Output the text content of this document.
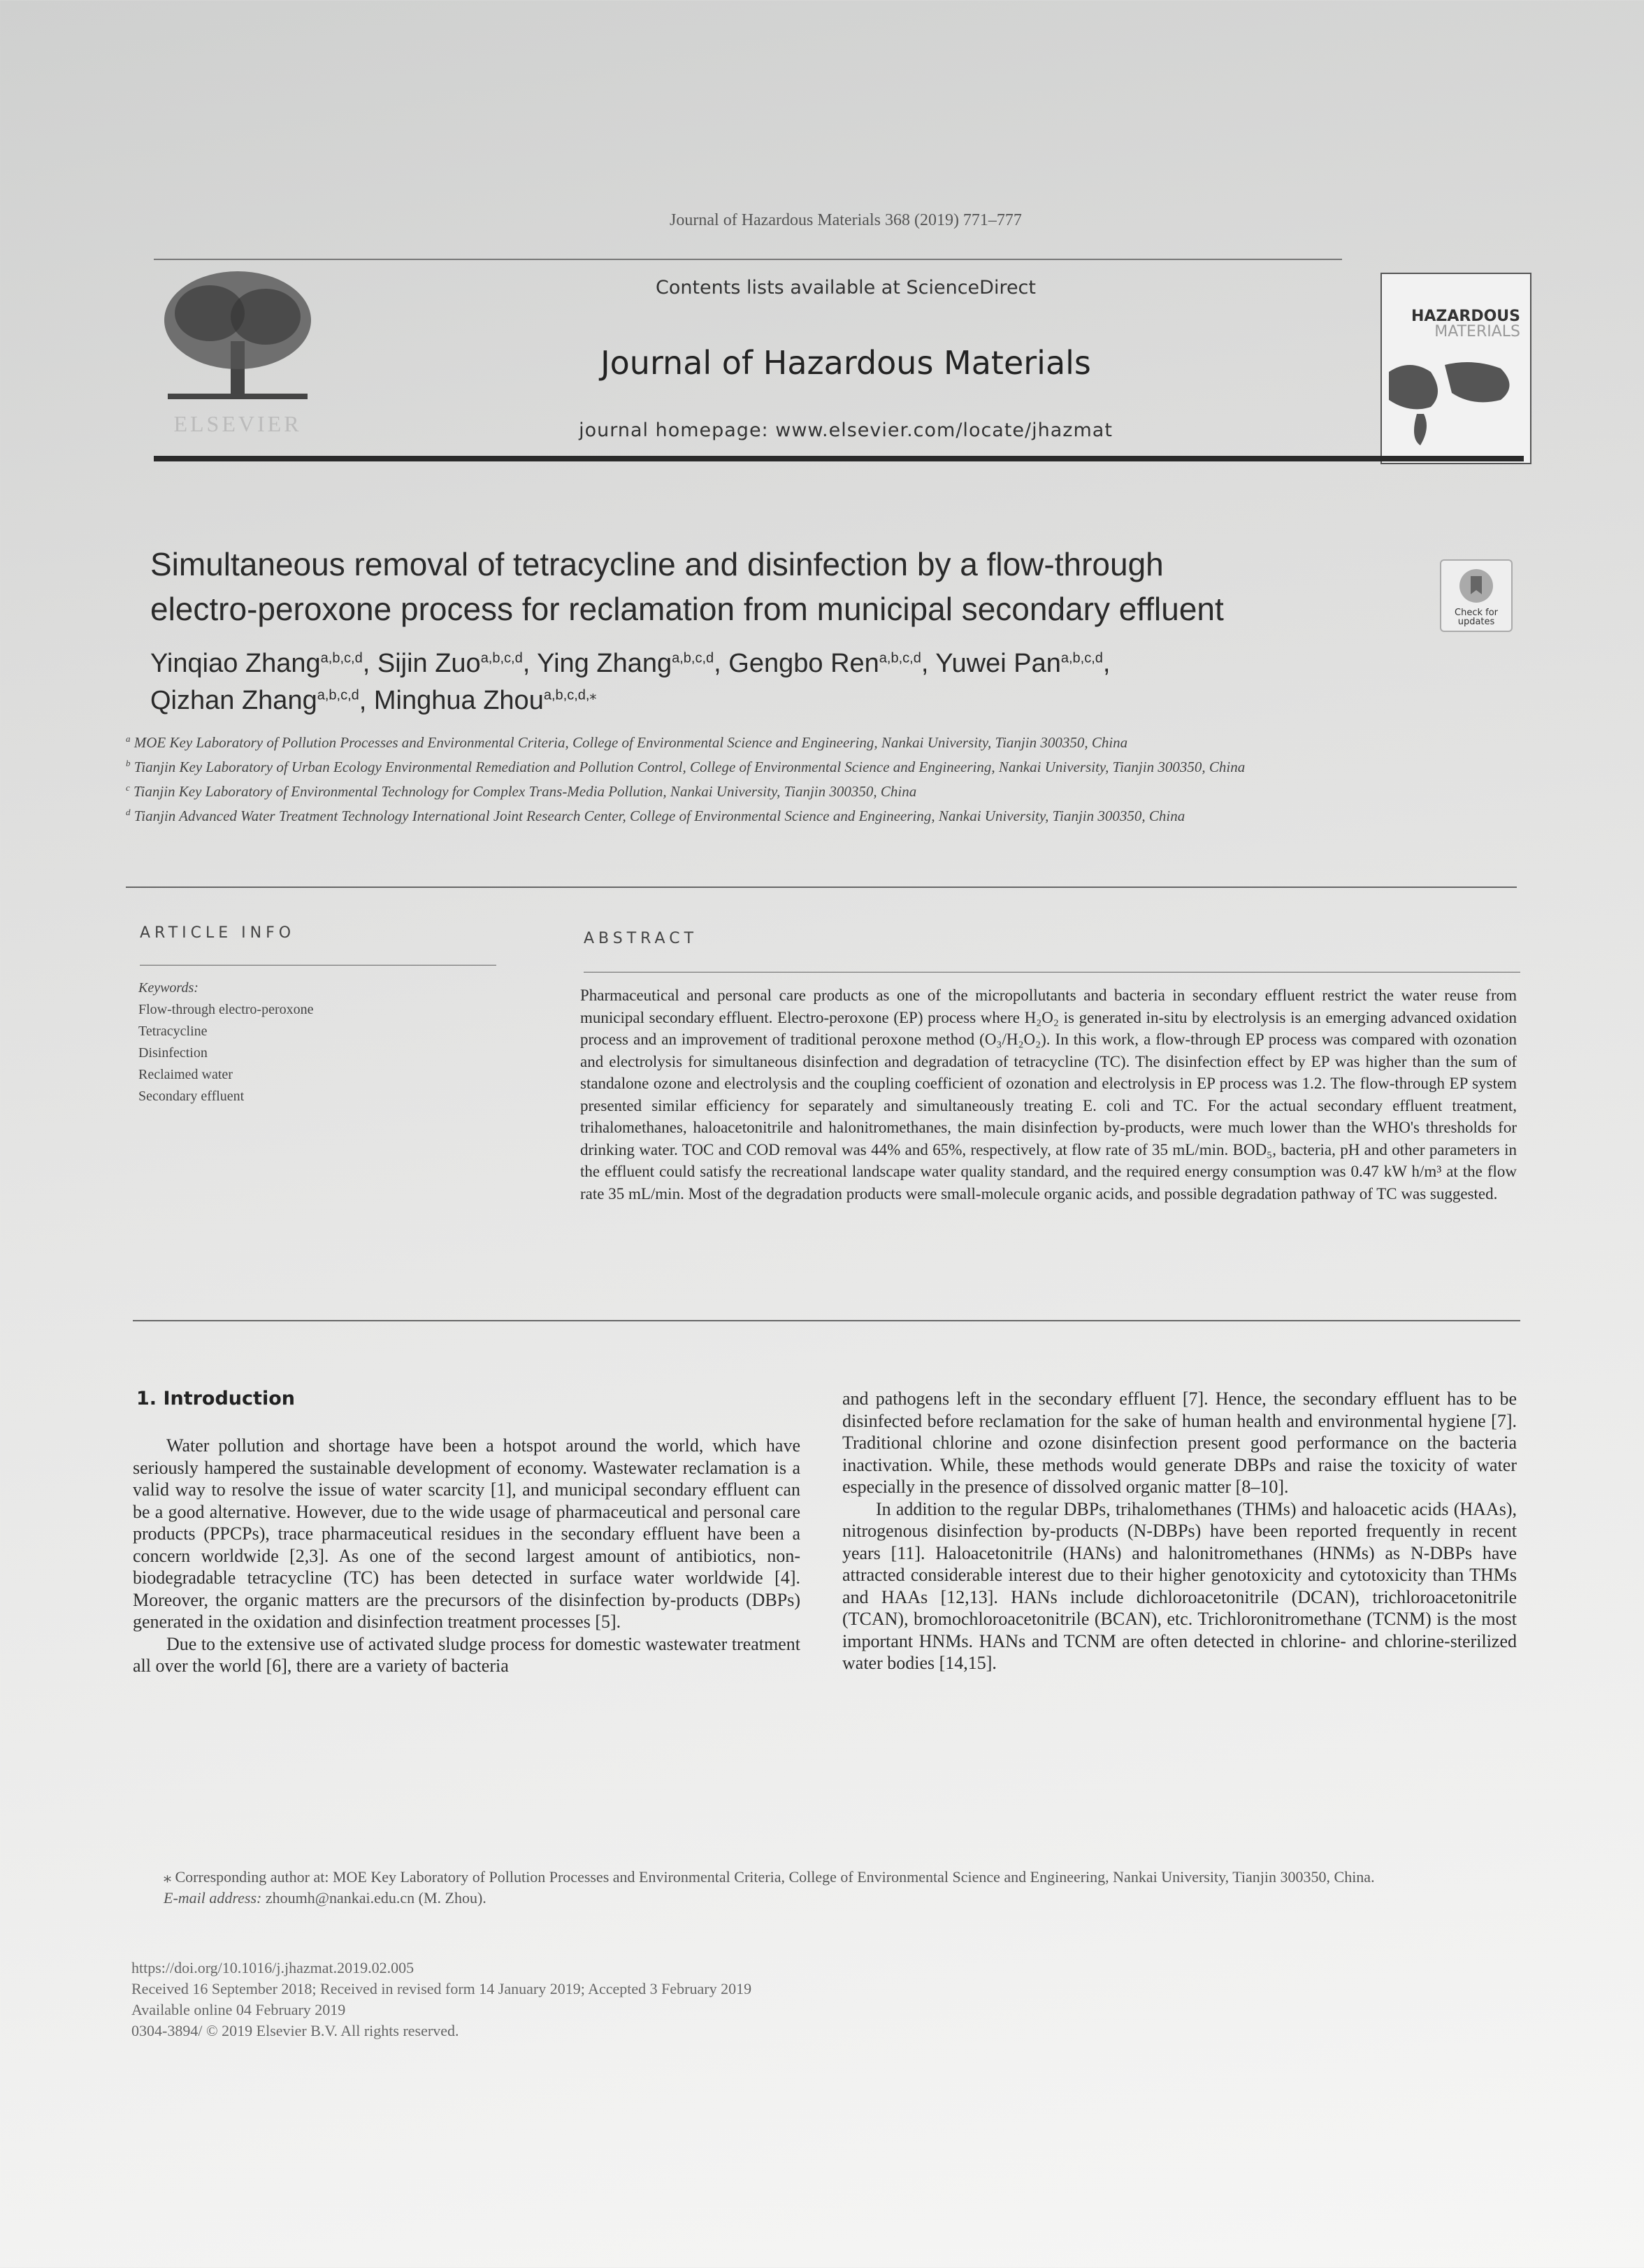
Journal of Hazardous Materials 368 (2019) 771–777
ELSEVIER
Contents lists available at ScienceDirect
Journal of Hazardous Materials
journal homepage: www.elsevier.com/locate/jhazmat
HAZARDOUS
MATERIALS
Simultaneous removal of tetracycline and disinfection by a flow-through
electro-peroxone process for reclamation from municipal secondary effluent	Check for updates
Yinqiao Zhang$^{a,b,c,d}$, Sijin Zuo$^{a,b,c,d}$, Ying Zhang$^{a,b,c,d}$, Gengbo Ren$^{a,b,c,d}$, Yuwei Pan$^{a,b,c,d}$,
Qizhan Zhang$^{a,b,c,d}$, Minghua Zhou$^{a,b,c,d,⁎}$
$^a$ MOE Key Laboratory of Pollution Processes and Environmental Criteria, College of Environmental Science and Engineering, Nankai University, Tianjin 300350, China
$^b$ Tianjin Key Laboratory of Urban Ecology Environmental Remediation and Pollution Control, College of Environmental Science and Engineering, Nankai University, Tianjin 300350, China
$^c$ Tianjin Key Laboratory of Environmental Technology for Complex Trans-Media Pollution, Nankai University, Tianjin 300350, China
$^d$ Tianjin Advanced Water Treatment Technology International Joint Research Center, College of Environmental Science and Engineering, Nankai University, Tianjin 300350, China
ARTICLE INFO
Keywords:
Flow-through electro-peroxone
Tetracycline
Disinfection
Reclaimed water
Secondary effluent
ABSTRACT
Pharmaceutical and personal care products as one of the micropollutants and bacteria in secondary effluent restrict the water reuse from municipal secondary effluent. Electro-peroxone (EP) process where H₂O₂ is generated in-situ by electrolysis is an emerging advanced oxidation process and an improvement of traditional peroxone method (O₃/H₂O₂). In this work, a flow-through EP process was compared with ozonation and electrolysis for simultaneous disinfection and degradation of tetracycline (TC). The disinfection effect by EP was higher than the sum of standalone ozone and electrolysis and the coupling coefficient of ozonation and electrolysis in EP process was 1.2. The flow-through EP system presented similar efficiency for separately and simultaneously treating E. coli and TC. For the actual secondary effluent treatment, trihalomethanes, haloacetonitrile and halonitromethanes, the main disinfection by-products, were much lower than the WHO's thresholds for drinking water. TOC and COD removal was 44% and 65%, respectively, at flow rate of 35 mL/min. BOD₅, bacteria, pH and other parameters in the effluent could satisfy the recreational landscape water quality standard, and the required energy consumption was 0.47 kW h/m³ at the flow rate 35 mL/min. Most of the degradation products were small-molecule organic acids, and possible degradation pathway of TC was suggested.
1. Introduction

Water pollution and shortage have been a hotspot around the world, which have seriously hampered the sustainable development of economy. Wastewater reclamation is a valid way to resolve the issue of water scarcity [1], and municipal secondary effluent can be a good alternative. However, due to the wide usage of pharmaceutical and personal care products (PPCPs), trace pharmaceutical residues in the secondary effluent have been a concern worldwide [2,3]. As one of the second largest amount of antibiotics, non-biodegradable tetracycline (TC) has been detected in surface water worldwide [4]. Moreover, the organic matters are the precursors of the disinfection by-products (DBPs) generated in the oxidation and disinfection treatment processes [5].

Due to the extensive use of activated sludge process for domestic wastewater treatment all over the world [6], there are a variety of bacteria

and pathogens left in the secondary effluent [7]. Hence, the secondary effluent has to be disinfected before reclamation for the sake of human health and environmental hygiene [7]. Traditional chlorine and ozone disinfection present good performance on the bacteria inactivation. While, these methods would generate DBPs and raise the toxicity of water especially in the presence of dissolved organic matter [8–10].

In addition to the regular DBPs, trihalomethanes (THMs) and haloacetic acids (HAAs), nitrogenous disinfection by-products (N-DBPs) have been reported frequently in recent years [11]. Haloacetonitrile (HANs) and halonitromethanes (HNMs) as N-DBPs have attracted considerable interest due to their higher genotoxicity and cytotoxicity than THMs and HAAs [12,13]. HANs include dichloroacetonitrile (DCAN), trichloroacetonitrile (TCAN), bromochloroacetonitrile (BCAN), etc. Trichloronitromethane (TCNM) is the most important HNMs. HANs and TCNM are often detected in chlorine- and chlorine-sterilized water bodies [14,15].

⁎ Corresponding author at: MOE Key Laboratory of Pollution Processes and Environmental Criteria, College of Environmental Science and Engineering, Nankai University, Tianjin 300350, China.
E-mail address: zhoumh@nankai.edu.cn (M. Zhou).
https://doi.org/10.1016/j.jhazmat.2019.02.005
Received 16 September 2018; Received in revised form 14 January 2019; Accepted 3 February 2019
Available online 04 February 2019
0304-3894/ © 2019 Elsevier B.V. All rights reserved.
